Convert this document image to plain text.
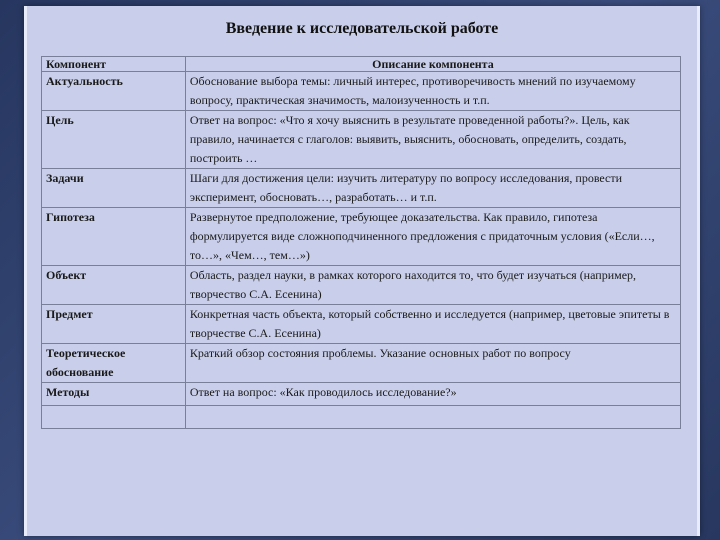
Введение к исследовательской работе
Компонент	Описание компонента
Актуальность	Обоснование выбора темы: личный интерес, противоречивость мнений по изучаемому вопросу, практическая значимость, малоизученность и т.п.
Цель	Ответ на вопрос: «Что я хочу выяснить в результате проведенной работы?». Цель, как правило, начинается с глаголов: выявить, выяснить, обосновать, определить, создать, построить …
Задачи	Шаги для достижения цели: изучить литературу по вопросу исследования, провести эксперимент, обосновать…, разработать… и т.п.
Гипотеза	Развернутое предположение, требующее доказательства. Как правило, гипотеза формулируется виде сложноподчиненного предложения с придаточным условия («Если…, то…», «Чем…, тем…»)
Объект	Область, раздел науки, в рамках которого находится то, что будет изучаться (например, творчество С.А. Есенина)
Предмет	Конкретная часть объекта, который собственно и исследуется (например, цветовые эпитеты в творчестве С.А. Есенина)
Теоретическое обоснование	Краткий обзор состояния проблемы. Указание основных работ по вопросу
Методы	Ответ на вопрос: «Как проводилось исследование?»
